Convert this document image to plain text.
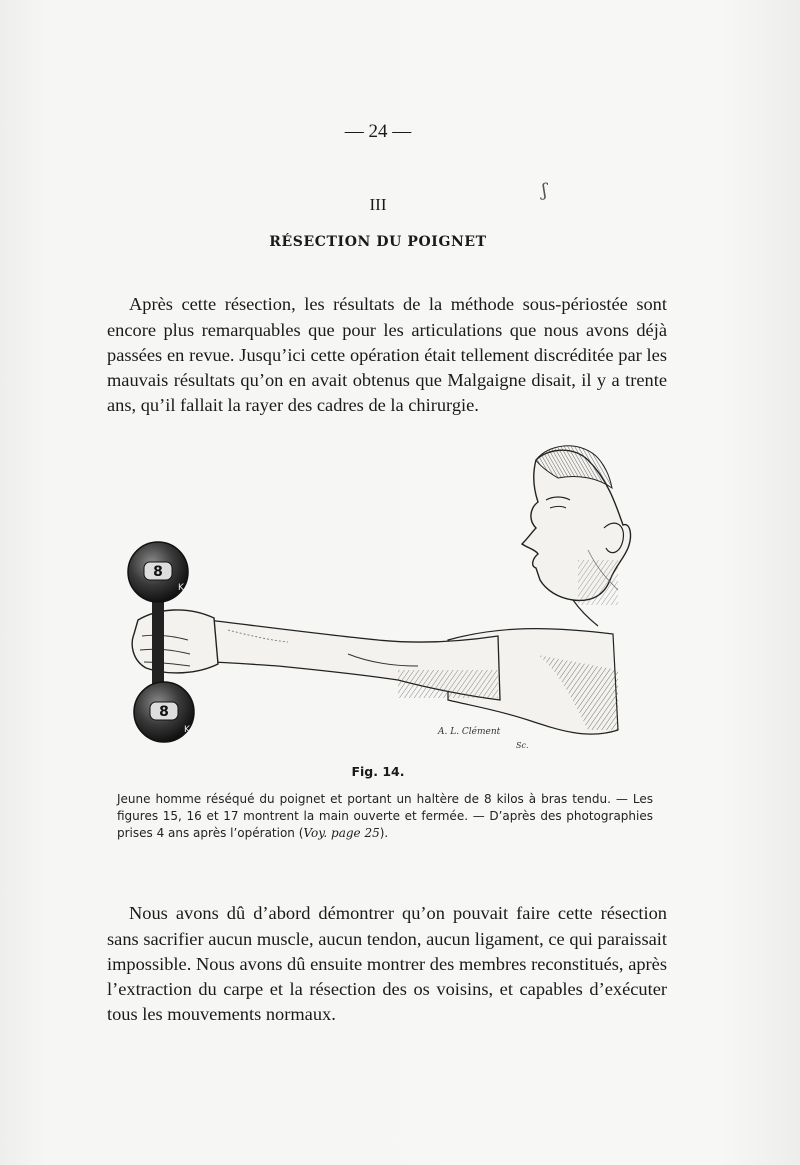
— 24 —
III
RÉSECTION DU POIGNET
ʃ

Après cette résection, les résultats de la méthode sous-périostée sont encore plus remarquables que pour les articulations que nous avons déjà passées en revue. Jusqu’ici cette opération était tellement discréditée par les mauvais résultats qu’on en avait obtenus que Malgaigne disait, il y a trente ans, qu’il fallait la rayer des cadres de la chirurgie.

8
8
K
K	A. L. Clément
Sc.
Fig. 14.
Jeune homme réséqué du poignet et portant un haltère de 8 kilos à bras tendu. — Les figures 15, 16 et 17 montrent la main ouverte et fermée. — D’après des photographies prises 4 ans après l’opération (Voy. page 25).

Nous avons dû d’abord démontrer qu’on pouvait faire cette résection sans sacrifier aucun muscle, aucun tendon, aucun ligament, ce qui paraissait impossible. Nous avons dû ensuite montrer des membres reconstitués, après l’extraction du carpe et la résection des os voisins, et capables d’exécuter tous les mouvements normaux.
